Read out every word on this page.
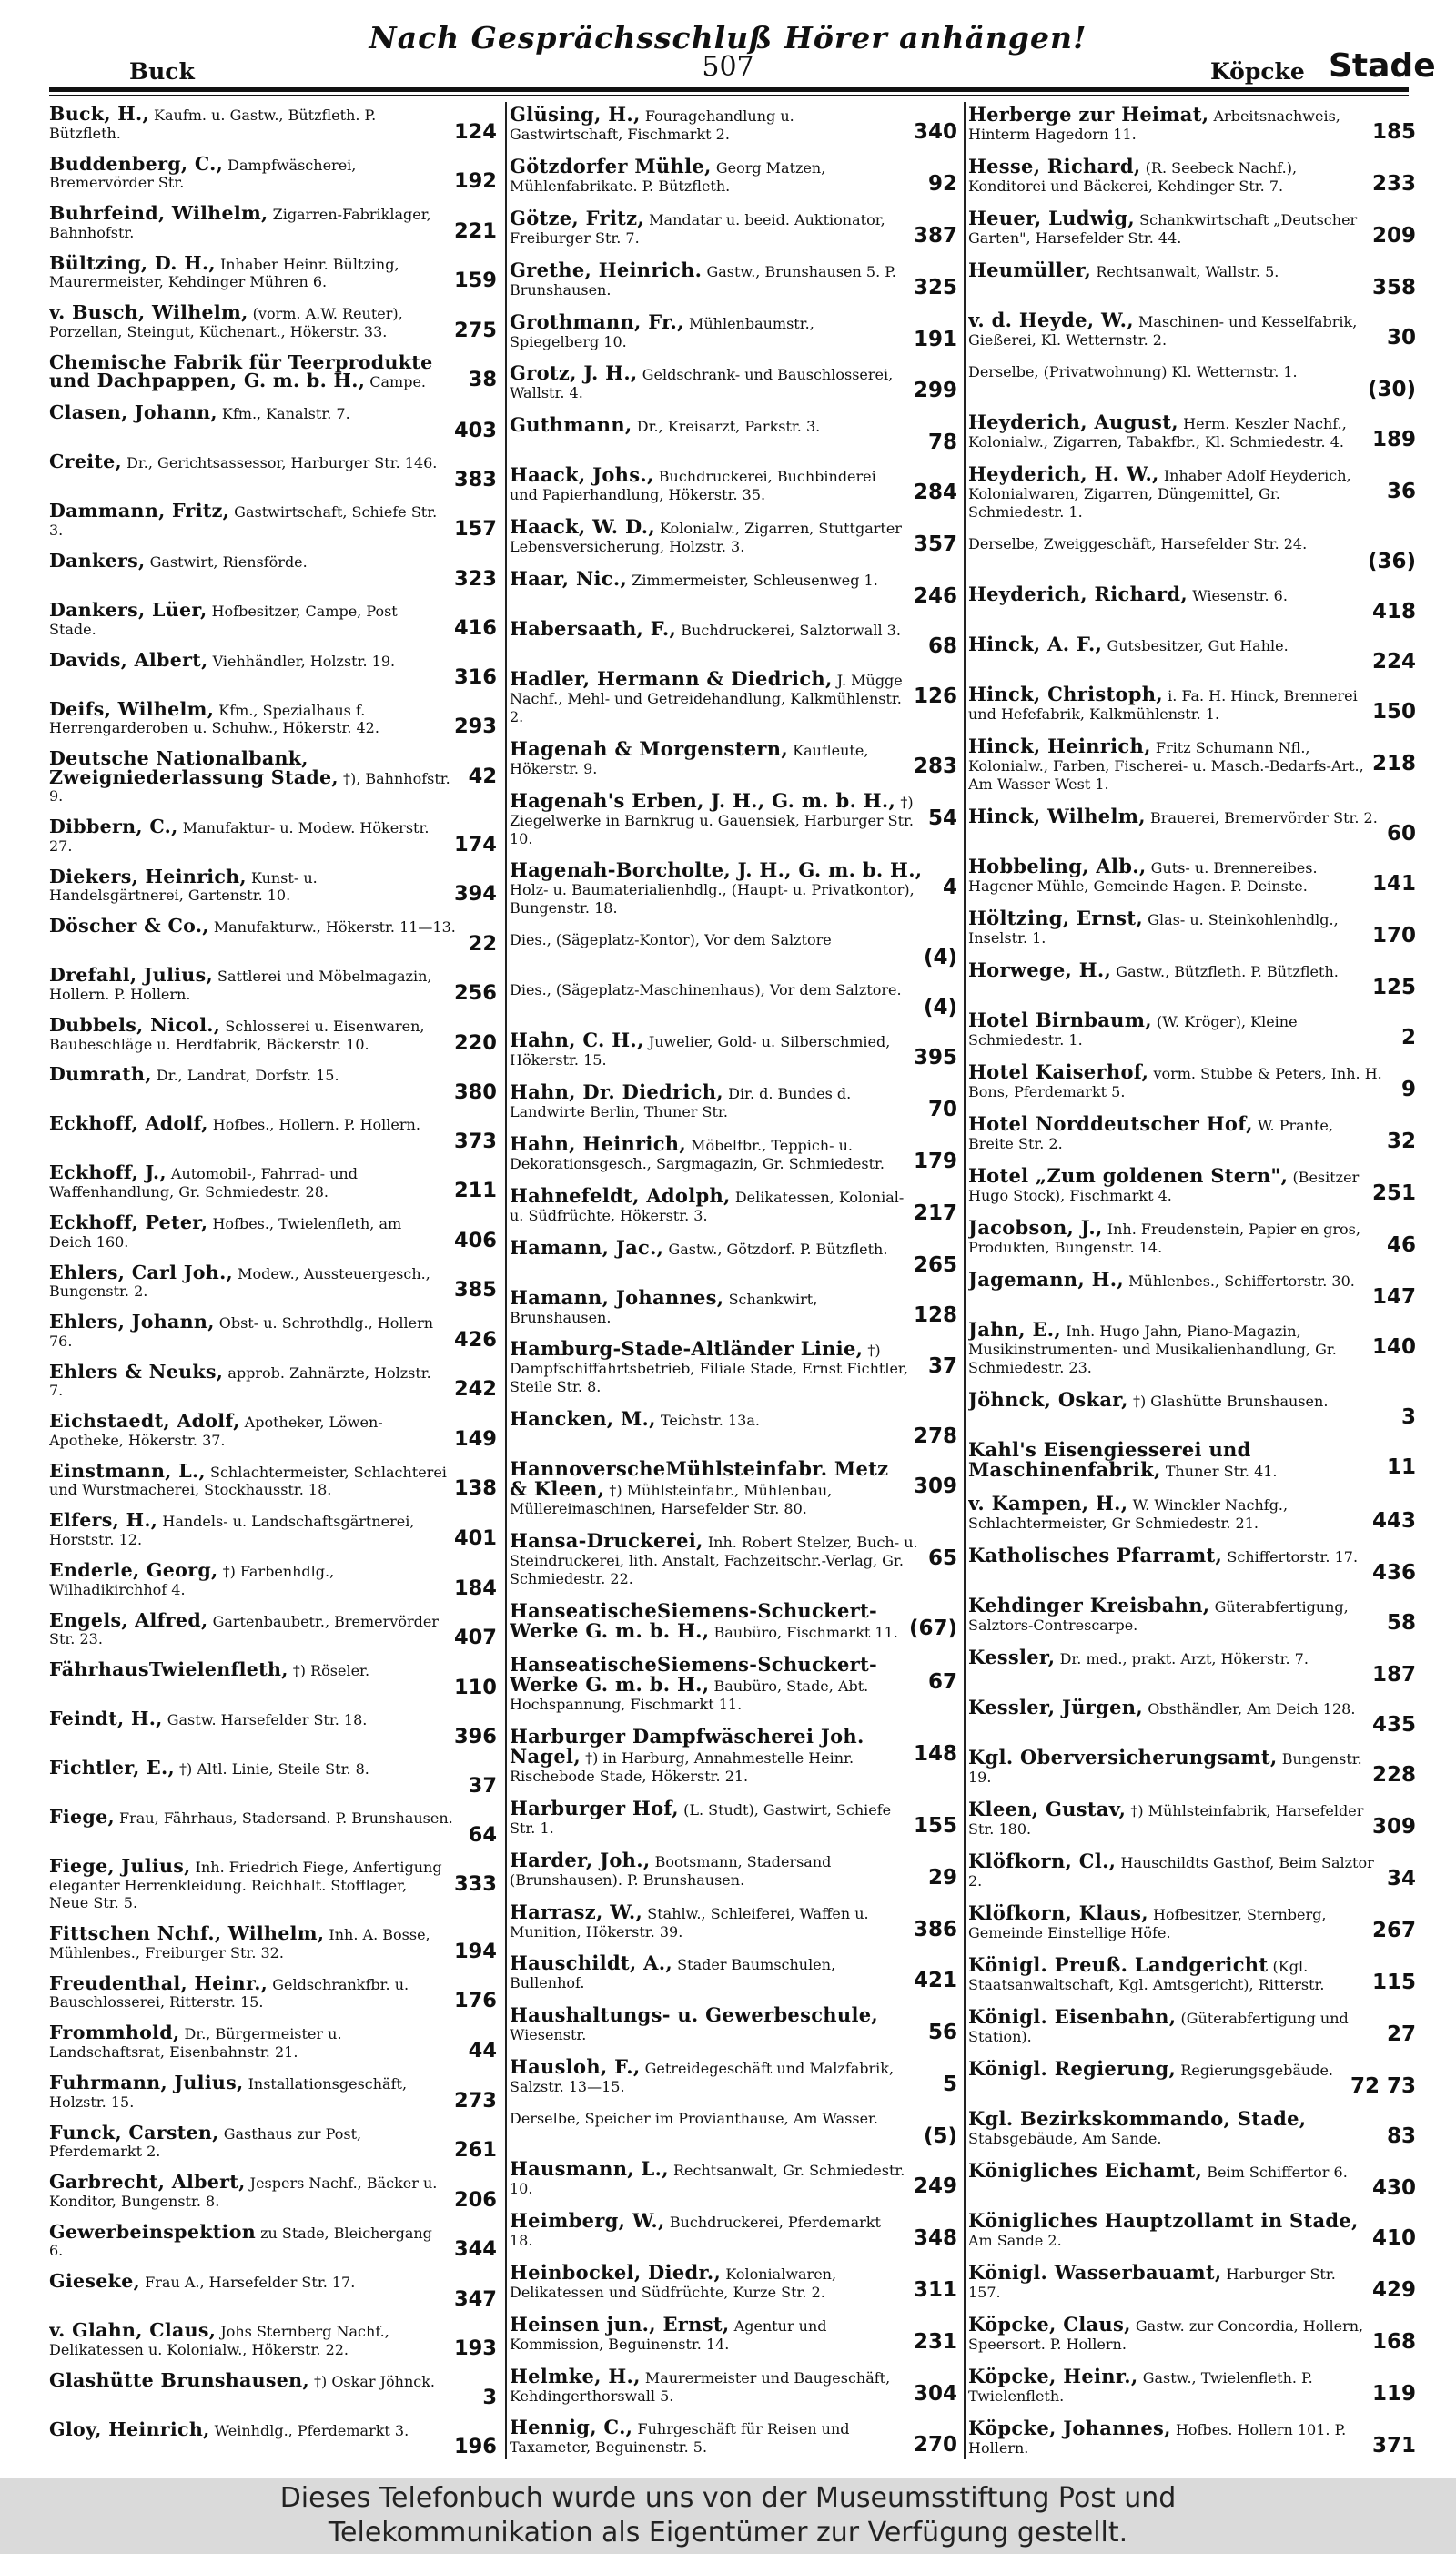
Nach Gesprächsschluß Hörer anhängen!
Buck	507	Köpcke Stade
124
Buck, H., Kaufm. u. Gastw., Bützfleth. P. Bützfleth.
192
Buddenberg, C., Dampfwäscherei, Bremervörder Str.
221
Buhrfeind, Wilhelm, Zigarren-Fabriklager, Bahnhofstr.
159
Bültzing, D. H., Inhaber Heinr. Bültzing, Maurermeister, Kehdinger Mühren 6.
275
v. Busch, Wilhelm, (vorm. A.W. Reuter), Porzellan, Steingut, Küchenart., Hökerstr. 33.
38
Chemische Fabrik für Teerprodukte und Dachpappen, G. m. b. H., Campe.
403
Clasen, Johann, Kfm., Kanalstr. 7.
383
Creite, Dr., Gerichtsassessor, Harburger Str. 146.
157
Dammann, Fritz, Gastwirtschaft, Schiefe Str. 3.
323
Dankers, Gastwirt, Riensförde.
416
Dankers, Lüer, Hofbesitzer, Campe, Post Stade.
316
Davids, Albert, Viehhändler, Holzstr. 19.
293
Deifs, Wilhelm, Kfm., Spezialhaus f. Herrengarderoben u. Schuhw., Hökerstr. 42.
42
Deutsche Nationalbank, Zweigniederlassung Stade, †), Bahnhofstr. 9.
174
Dibbern, C., Manufaktur- u. Modew. Hökerstr. 27.
394
Diekers, Heinrich, Kunst- u. Handelsgärtnerei, Gartenstr. 10.
22
Döscher & Co., Manufakturw., Hökerstr. 11—13.
256
Drefahl, Julius, Sattlerei und Möbelmagazin, Hollern. P. Hollern.
220
Dubbels, Nicol., Schlosserei u. Eisenwaren, Baubeschläge u. Herdfabrik, Bäckerstr. 10.
380
Dumrath, Dr., Landrat, Dorfstr. 15.
373
Eckhoff, Adolf, Hofbes., Hollern. P. Hollern.
211
Eckhoff, J., Automobil-, Fahrrad- und Waffenhandlung, Gr. Schmiedestr. 28.
406
Eckhoff, Peter, Hofbes., Twielenfleth, am Deich 160.
385
Ehlers, Carl Joh., Modew., Aussteuergesch., Bungenstr. 2.
426
Ehlers, Johann, Obst- u. Schrothdlg., Hollern 76.
242
Ehlers & Neuks, approb. Zahnärzte, Holzstr. 7.
149
Eichstaedt, Adolf, Apotheker, Löwen-Apotheke, Hökerstr. 37.
138
Einstmann, L., Schlachtermeister, Schlachterei und Wurstmacherei, Stockhausstr. 18.
401
Elfers, H., Handels- u. Landschaftsgärtnerei, Horststr. 12.
184
Enderle, Georg, †) Farbenhdlg., Wilhadikirchhof 4.
407
Engels, Alfred, Gartenbaubetr., Bremervörder Str. 23.
110
FährhausTwielenfleth, †) Röseler.
396
Feindt, H., Gastw. Harsefelder Str. 18.
37
Fichtler, E., †) Altl. Linie, Steile Str. 8.
64
Fiege, Frau, Fährhaus, Stadersand. P. Brunshausen.
333
Fiege, Julius, Inh. Friedrich Fiege, Anfertigung eleganter Herrenkleidung. Reichhalt. Stofflager, Neue Str. 5.
194
Fittschen Nchf., Wilhelm, Inh. A. Bosse, Mühlenbes., Freiburger Str. 32.
176
Freudenthal, Heinr., Geldschrankfbr. u. Bauschlosserei, Ritterstr. 15.
44
Frommhold, Dr., Bürgermeister u. Landschaftsrat, Eisenbahnstr. 21.
273
Fuhrmann, Julius, Installationsgeschäft, Holzstr. 15.
261
Funck, Carsten, Gasthaus zur Post, Pferdemarkt 2.
206
Garbrecht, Albert, Jespers Nachf., Bäcker u. Konditor, Bungenstr. 8.
344
Gewerbeinspektion zu Stade, Bleichergang 6.
347
Gieseke, Frau A., Harsefelder Str. 17.
193
v. Glahn, Claus, Johs Sternberg Nachf., Delikatessen u. Kolonialw., Hökerstr. 22.
3
Glashütte Brunshausen, †) Oskar Jöhnck.
196
Gloy, Heinrich, Weinhdlg., Pferdemarkt 3.
340
Glüsing, H., Fouragehandlung u. Gastwirtschaft, Fischmarkt 2.
92
Götzdorfer Mühle, Georg Matzen, Mühlenfabrikate. P. Bützfleth.
387
Götze, Fritz, Mandatar u. beeid. Auktionator, Freiburger Str. 7.
325
Grethe, Heinrich. Gastw., Brunshausen 5. P. Brunshausen.
191
Grothmann, Fr., Mühlenbaumstr., Spiegelberg 10.
299
Grotz, J. H., Geldschrank- und Bauschlosserei, Wallstr. 4.
78
Guthmann, Dr., Kreisarzt, Parkstr. 3.
284
Haack, Johs., Buchdruckerei, Buchbinderei und Papierhandlung, Hökerstr. 35.
357
Haack, W. D., Kolonialw., Zigarren, Stuttgarter Lebensversicherung, Holzstr. 3.
246
Haar, Nic., Zimmermeister, Schleusenweg 1.
68
Habersaath, F., Buchdruckerei, Salztorwall 3.
126
Hadler, Hermann & Diedrich, J. Mügge Nachf., Mehl- und Getreidehandlung, Kalkmühlenstr. 2.
283
Hagenah & Morgenstern, Kaufleute, Hökerstr. 9.
54
Hagenah's Erben, J. H., G. m. b. H., †) Ziegelwerke in Barnkrug u. Gauensiek, Harburger Str. 10.
4
Hagenah-Borcholte, J. H., G. m. b. H., Holz- u. Baumaterialienhdlg., (Haupt- u. Privatkontor), Bungenstr. 18.
(4)
Dies., (Sägeplatz-Kontor), Vor dem Salztore
(4)
Dies., (Sägeplatz-Maschinenhaus), Vor dem Salztore.
395
Hahn, C. H., Juwelier, Gold- u. Silberschmied, Hökerstr. 15.
70
Hahn, Dr. Diedrich, Dir. d. Bundes d. Landwirte Berlin, Thuner Str.
179
Hahn, Heinrich, Möbelfbr., Teppich- u. Dekorationsgesch., Sargmagazin, Gr. Schmiedestr.
217
Hahnefeldt, Adolph, Delikatessen, Kolonial- u. Südfrüchte, Hökerstr. 3.
265
Hamann, Jac., Gastw., Götzdorf. P. Bützfleth.
128
Hamann, Johannes, Schankwirt, Brunshausen.
37
Hamburg-Stade-Altländer Linie, †) Dampfschiffahrtsbetrieb, Filiale Stade, Ernst Fichtler, Steile Str. 8.
278
Hancken, M., Teichstr. 13a.
309
HannoverscheMühlsteinfabr. Metz & Kleen, †) Mühlsteinfabr., Mühlenbau, Müllereimaschinen, Harsefelder Str. 80.
65
Hansa-Druckerei, Inh. Robert Stelzer, Buch- u. Steindruckerei, lith. Anstalt, Fachzeitschr.-Verlag, Gr. Schmiedestr. 22.
(67)
HanseatischeSiemens-Schuckert-Werke G. m. b. H., Baubüro, Fischmarkt 11.
67
HanseatischeSiemens-Schuckert-Werke G. m. b. H., Baubüro, Stade, Abt. Hochspannung, Fischmarkt 11.
148
Harburger Dampfwäscherei Joh. Nagel, †) in Harburg, Annahmestelle Heinr. Rischebode Stade, Hökerstr. 21.
155
Harburger Hof, (L. Studt), Gastwirt, Schiefe Str. 1.
29
Harder, Joh., Bootsmann, Stadersand (Brunshausen). P. Brunshausen.
386
Harrasz, W., Stahlw., Schleiferei, Waffen u. Munition, Hökerstr. 39.
421
Hauschildt, A., Stader Baumschulen, Bullenhof.
56
Haushaltungs- u. Gewerbeschule, Wiesenstr.
5
Hausloh, F., Getreidegeschäft und Malzfabrik, Salzstr. 13—15.
(5)
Derselbe, Speicher im Provianthause, Am Wasser.
249
Hausmann, L., Rechtsanwalt, Gr. Schmiedestr. 10.
348
Heimberg, W., Buchdruckerei, Pferdemarkt 18.
311
Heinbockel, Diedr., Kolonialwaren, Delikatessen und Südfrüchte, Kurze Str. 2.
231
Heinsen jun., Ernst, Agentur und Kommission, Beguinenstr. 14.
304
Helmke, H., Maurermeister und Baugeschäft, Kehdingerthorswall 5.
270
Hennig, C., Fuhrgeschäft für Reisen und Taxameter, Beguinenstr. 5.
185
Herberge zur Heimat, Arbeitsnachweis, Hinterm Hagedorn 11.
233
Hesse, Richard, (R. Seebeck Nachf.), Konditorei und Bäckerei, Kehdinger Str. 7.
209
Heuer, Ludwig, Schankwirtschaft „Deutscher Garten", Harsefelder Str. 44.
358
Heumüller, Rechtsanwalt, Wallstr. 5.
30
v. d. Heyde, W., Maschinen- und Kesselfabrik, Gießerei, Kl. Wetternstr. 2.
(30)
Derselbe, (Privatwohnung) Kl. Wetternstr. 1.
189
Heyderich, August, Herm. Keszler Nachf., Kolonialw., Zigarren, Tabakfbr., Kl. Schmiedestr. 4.
36
Heyderich, H. W., Inhaber Adolf Heyderich, Kolonialwaren, Zigarren, Düngemittel, Gr. Schmiedestr. 1.
(36)
Derselbe, Zweiggeschäft, Harsefelder Str. 24.
418
Heyderich, Richard, Wiesenstr. 6.
224
Hinck, A. F., Gutsbesitzer, Gut Hahle.
150
Hinck, Christoph, i. Fa. H. Hinck, Brennerei und Hefefabrik, Kalkmühlenstr. 1.
218
Hinck, Heinrich, Fritz Schumann Nfl., Kolonialw., Farben, Fischerei- u. Masch.-Bedarfs-Art., Am Wasser West 1.
60
Hinck, Wilhelm, Brauerei, Bremervörder Str. 2.
141
Hobbeling, Alb., Guts- u. Brennereibes. Hagener Mühle, Gemeinde Hagen. P. Deinste.
170
Höltzing, Ernst, Glas- u. Steinkohlenhdlg., Inselstr. 1.
125
Horwege, H., Gastw., Bützfleth. P. Bützfleth.
2
Hotel Birnbaum, (W. Kröger), Kleine Schmiedestr. 1.
9
Hotel Kaiserhof, vorm. Stubbe & Peters, Inh. H. Bons, Pferdemarkt 5.
32
Hotel Norddeutscher Hof, W. Prante, Breite Str. 2.
251
Hotel „Zum goldenen Stern", (Besitzer Hugo Stock), Fischmarkt 4.
46
Jacobson, J., Inh. Freudenstein, Papier en gros, Produkten, Bungenstr. 14.
147
Jagemann, H., Mühlenbes., Schiffertorstr. 30.
140
Jahn, E., Inh. Hugo Jahn, Piano-Magazin, Musikinstrumenten- und Musikalienhandlung, Gr. Schmiedestr. 23.
3
Jöhnck, Oskar, †) Glashütte Brunshausen.
11
Kahl's Eisengiesserei und Maschinenfabrik, Thuner Str. 41.
443
v. Kampen, H., W. Winckler Nachfg., Schlachtermeister, Gr Schmiedestr. 21.
436
Katholisches Pfarramt, Schiffertorstr. 17.
58
Kehdinger Kreisbahn, Güterabfertigung, Salztors-Contrescarpe.
187
Kessler, Dr. med., prakt. Arzt, Hökerstr. 7.
435
Kessler, Jürgen, Obsthändler, Am Deich 128.
228
Kgl. Oberversicherungsamt, Bungenstr. 19.
309
Kleen, Gustav, †) Mühlsteinfabrik, Harsefelder Str. 180.
34
Klöfkorn, Cl., Hauschildts Gasthof, Beim Salztor 2.
267
Klöfkorn, Klaus, Hofbesitzer, Sternberg, Gemeinde Einstellige Höfe.
115
Königl. Preuß. Landgericht (Kgl. Staatsanwaltschaft, Kgl. Amtsgericht), Ritterstr.
27
Königl. Eisenbahn, (Güterabfertigung und Station).
72 73
Königl. Regierung, Regierungsgebäude.
83
Kgl. Bezirkskommando, Stade, Stabsgebäude, Am Sande.
430
Königliches Eichamt, Beim Schiffertor 6.
410
Königliches Hauptzollamt in Stade, Am Sande 2.
429
Königl. Wasserbauamt, Harburger Str. 157.
168
Köpcke, Claus, Gastw. zur Concordia, Hollern, Speersort. P. Hollern.
119
Köpcke, Heinr., Gastw., Twielenfleth. P. Twielenfleth.
371
Köpcke, Johannes, Hofbes. Hollern 101. P. Hollern.
Dieses Telefonbuch wurde uns von der Museumsstiftung Post und
Telekommunikation als Eigentümer zur Verfügung gestellt.
